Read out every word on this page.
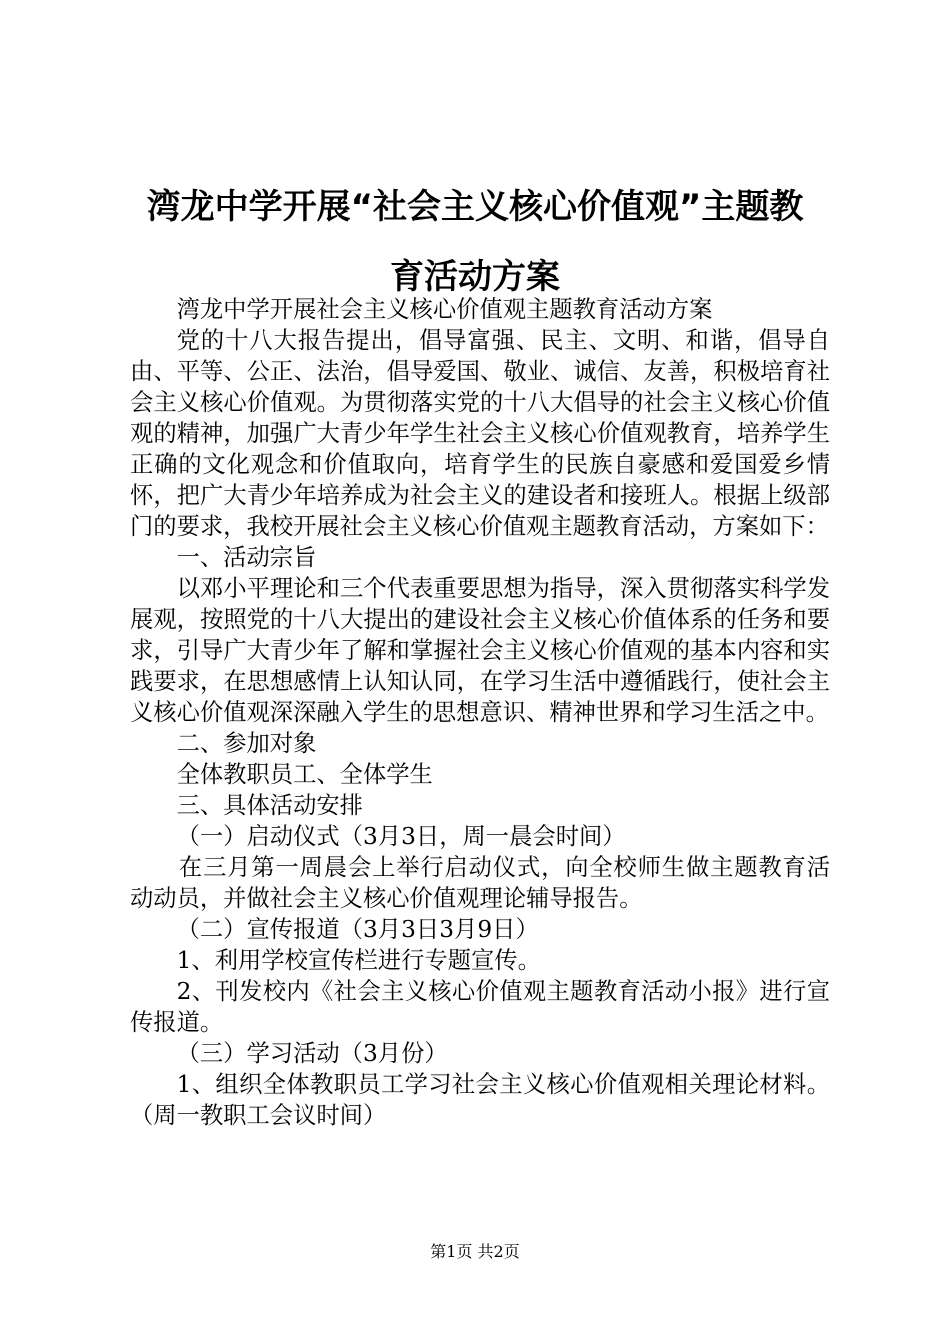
湾龙中学开展“社会主义核心价值观”主题教
育活动方案

湾龙中学开展社会主义核心价值观主题教育活动方案

党的十八大报告提出，倡导富强、民主、文明、和谐，倡导自由、平等、公正、法治，倡导爱国、敬业、诚信、友善，积极培育社会主义核心价值观。为贯彻落实党的十八大倡导的社会主义核心价值观的精神，加强广大青少年学生社会主义核心价值观教育，培养学生正确的文化观念和价值取向，培育学生的民族自豪感和爱国爱乡情怀，把广大青少年培养成为社会主义的建设者和接班人。根据上级部门的要求，我校开展社会主义核心价值观主题教育活动，方案如下：

一、活动宗旨

以邓小平理论和三个代表重要思想为指导，深入贯彻落实科学发展观，按照党的十八大提出的建设社会主义核心价值体系的任务和要求，引导广大青少年了解和掌握社会主义核心价值观的基本内容和实践要求，在思想感情上认知认同，在学习生活中遵循践行，使社会主义核心价值观深深融入学生的思想意识、精神世界和学习生活之中。

二、参加对象

全体教职员工、全体学生

三、具体活动安排

（一）启动仪式（3月3日，周一晨会时间）

在三月第一周晨会上举行启动仪式，向全校师生做主题教育活动动员，并做社会主义核心价值观理论辅导报告。

（二）宣传报道（3月3日3月9日）

1、利用学校宣传栏进行专题宣传。

2、刊发校内《社会主义核心价值观主题教育活动小报》进行宣传报道。

（三）学习活动（3月份）

1、组织全体教职员工学习社会主义核心价值观相关理论材料。（周一教职工会议时间）

第1页 共2页
